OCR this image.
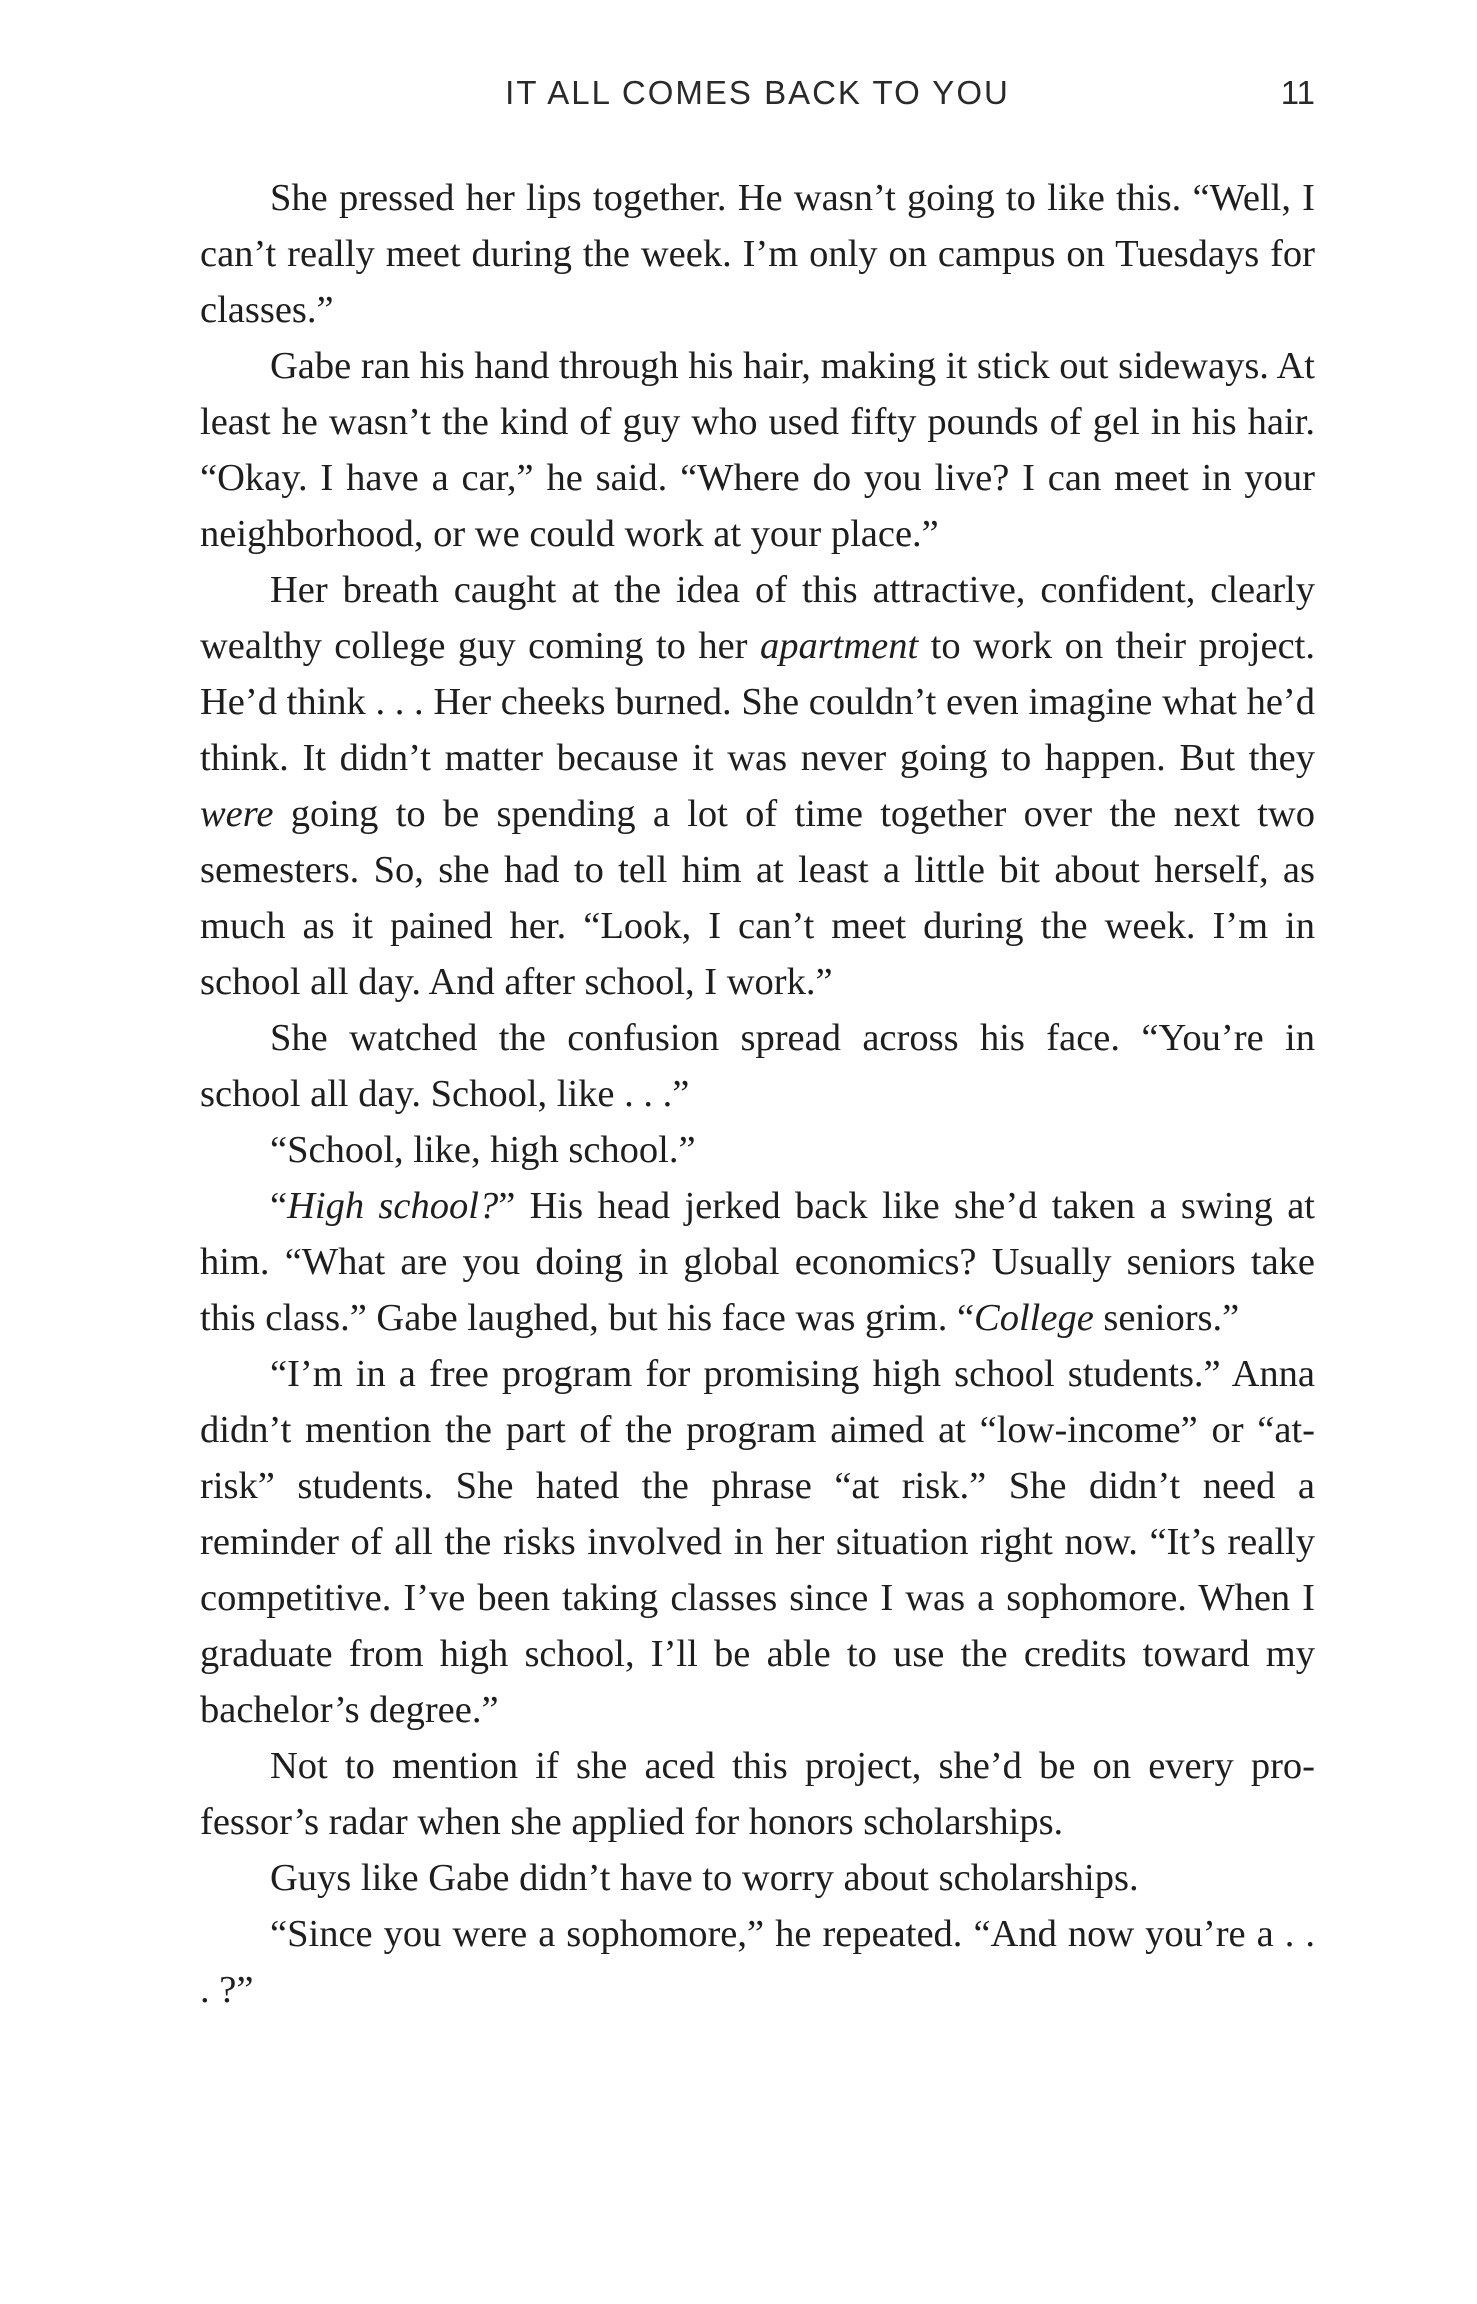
IT ALL COMES BACK TO YOU	11

She pressed her lips together. He wasn’t going to like this. “Well, I can’t really meet during the week. I’m only on campus on Tuesdays for classes.”

Gabe ran his hand through his hair, making it stick out sideways. At least he wasn’t the kind of guy who used fifty pounds of gel in his hair. “Okay. I have a car,” he said. “Where do you live? I can meet in your neighborhood, or we could work at your place.”

Her breath caught at the idea of this attractive, confident, clearly wealthy college guy coming to her apartment to work on their project. He’d think . . . Her cheeks burned. She couldn’t even imagine what he’d think. It didn’t matter because it was never going to happen. But they were going to be spending a lot of time together over the next two semesters. So, she had to tell him at least a little bit about herself, as much as it pained her. “Look, I can’t meet during the week. I’m in school all day. And after school, I work.”

She watched the confusion spread across his face. “You’re in school all day. School, like . . .”

“School, like, high school.”

“High school?” His head jerked back like she’d taken a swing at him. “What are you doing in global economics? Usually seniors take this class.” Gabe laughed, but his face was grim. “College seniors.”

“I’m in a free program for promising high school students.” Anna didn’t mention the part of the program aimed at “low-income” or “at-risk” students. She hated the phrase “at risk.” She didn’t need a reminder of all the risks involved in her situation right now. “It’s really competitive. I’ve been taking classes since I was a sophomore. When I graduate from high school, I’ll be able to use the credits toward my bachelor’s degree.”

Not to mention if she aced this project, she’d be on every professor’s radar when she applied for honors scholarships.

Guys like Gabe didn’t have to worry about scholarships.

“Since you were a sophomore,” he repeated. “And now you’re a . . . ?”
